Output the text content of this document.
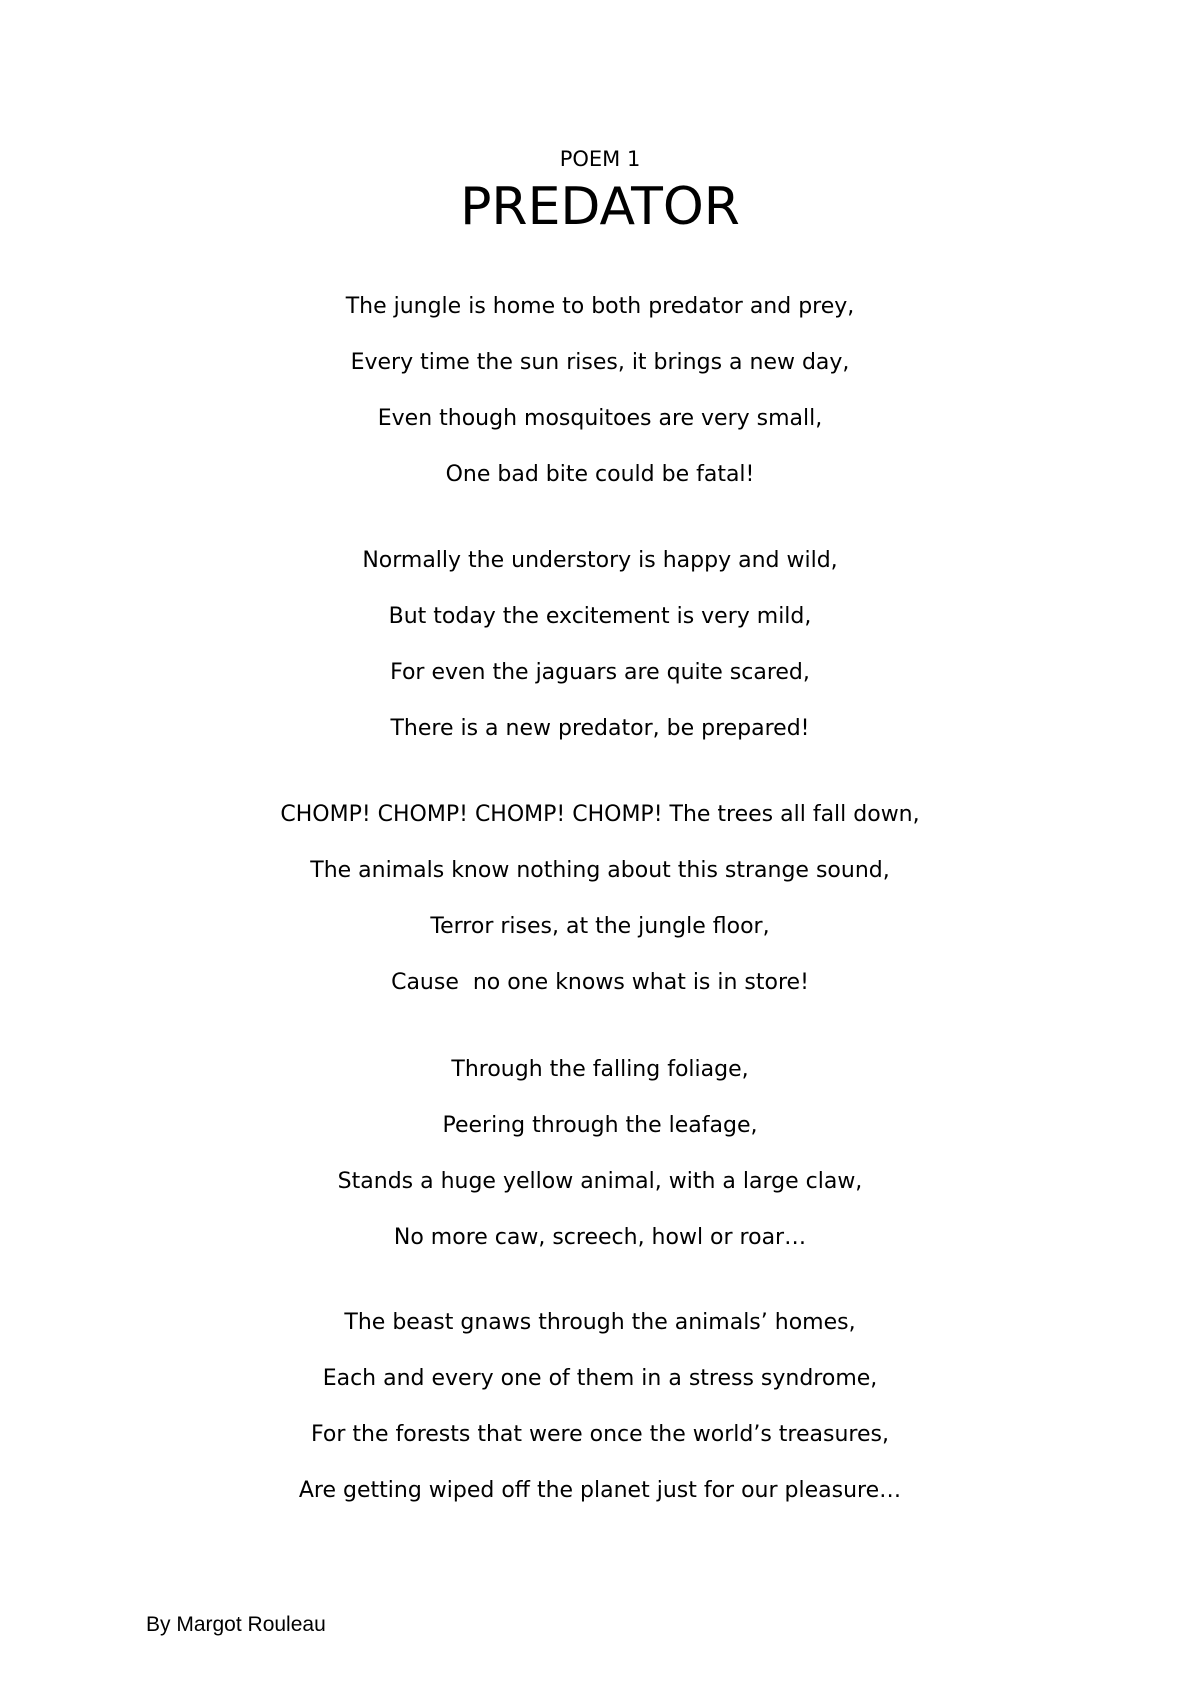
POEM 1
PREDATOR
The jungle is home to both predator and prey,
Every time the sun rises, it brings a new day,
Even though mosquitoes are very small,
One bad bite could be fatal!
Normally the understory is happy and wild,
But today the excitement is very mild,
For even the jaguars are quite scared,
There is a new predator, be prepared!
CHOMP! CHOMP! CHOMP! CHOMP! The trees all fall down,
The animals know nothing about this strange sound,
Terror rises, at the jungle floor,
Cause  no one knows what is in store!
Through the falling foliage,
Peering through the leafage,
Stands a huge yellow animal, with a large claw,
No more caw, screech, howl or roar…
The beast gnaws through the animals’ homes,
Each and every one of them in a stress syndrome,
For the forests that were once the world’s treasures,
Are getting wiped off the planet just for our pleasure…
By Margot Rouleau
